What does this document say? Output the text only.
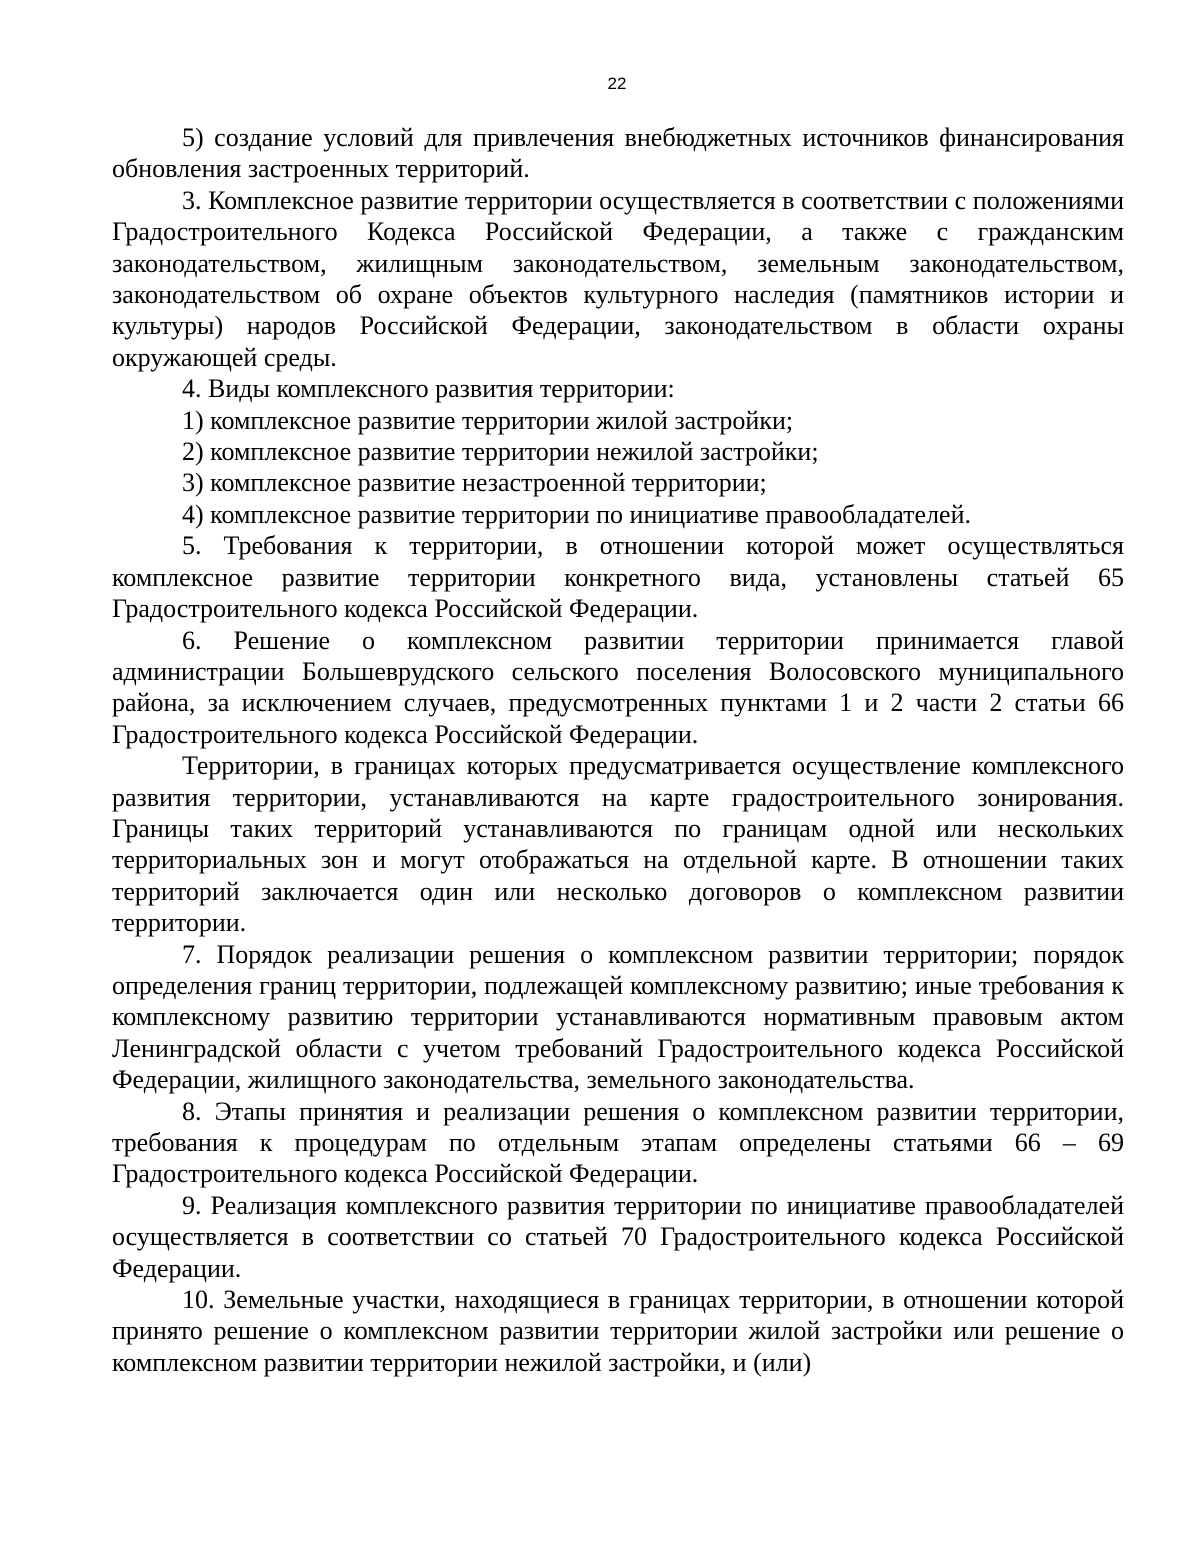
22

5) создание условий для привлечения внебюджетных источников финансирования обновления застроенных территорий.

3. Комплексное развитие территории осуществляется в соответствии с положениями Градостроительного Кодекса Российской Федерации, а также с гражданским законодательством, жилищным законодательством, земельным законодательством, законодательством об охране объектов культурного наследия (памятников истории и культуры) народов Российской Федерации, законодательством в области охраны окружающей среды.

4. Виды комплексного развития территории:

1) комплексное развитие территории жилой застройки;

2) комплексное развитие территории нежилой застройки;

3) комплексное развитие незастроенной территории;

4) комплексное развитие территории по инициативе правообладателей.

5. Требования к территории, в отношении которой может осуществляться комплексное развитие территории конкретного вида, установлены статьей 65 Градостроительного кодекса Российской Федерации.

6. Решение о комплексном развитии территории принимается главой администрации Большеврудского сельского поселения Волосовского муниципального района, за исключением случаев, предусмотренных пунктами 1 и 2 части 2 статьи 66 Градостроительного кодекса Российской Федерации.

Территории, в границах которых предусматривается осуществление комплексного развития территории, устанавливаются на карте градостроительного зонирования. Границы таких территорий устанавливаются по границам одной или нескольких территориальных зон и могут отображаться на отдельной карте. В отношении таких территорий заключается один или несколько договоров о комплексном развитии территории.

7. Порядок реализации решения о комплексном развитии территории; порядок определения границ территории, подлежащей комплексному развитию; иные требования к комплексному развитию территории устанавливаются нормативным правовым актом Ленинградской области с учетом требований Градостроительного кодекса Российской Федерации, жилищного законодательства, земельного законодательства.

8. Этапы принятия и реализации решения о комплексном развитии территории, требования к процедурам по отдельным этапам определены статьями 66 – 69 Градостроительного кодекса Российской Федерации.

9. Реализация комплексного развития территории по инициативе правообладателей осуществляется в соответствии со статьей 70 Градостроительного кодекса Российской Федерации.

10. Земельные участки, находящиеся в границах территории, в отношении которой принято решение о комплексном развитии территории жилой застройки или решение о комплексном развитии территории нежилой застройки, и (или)
